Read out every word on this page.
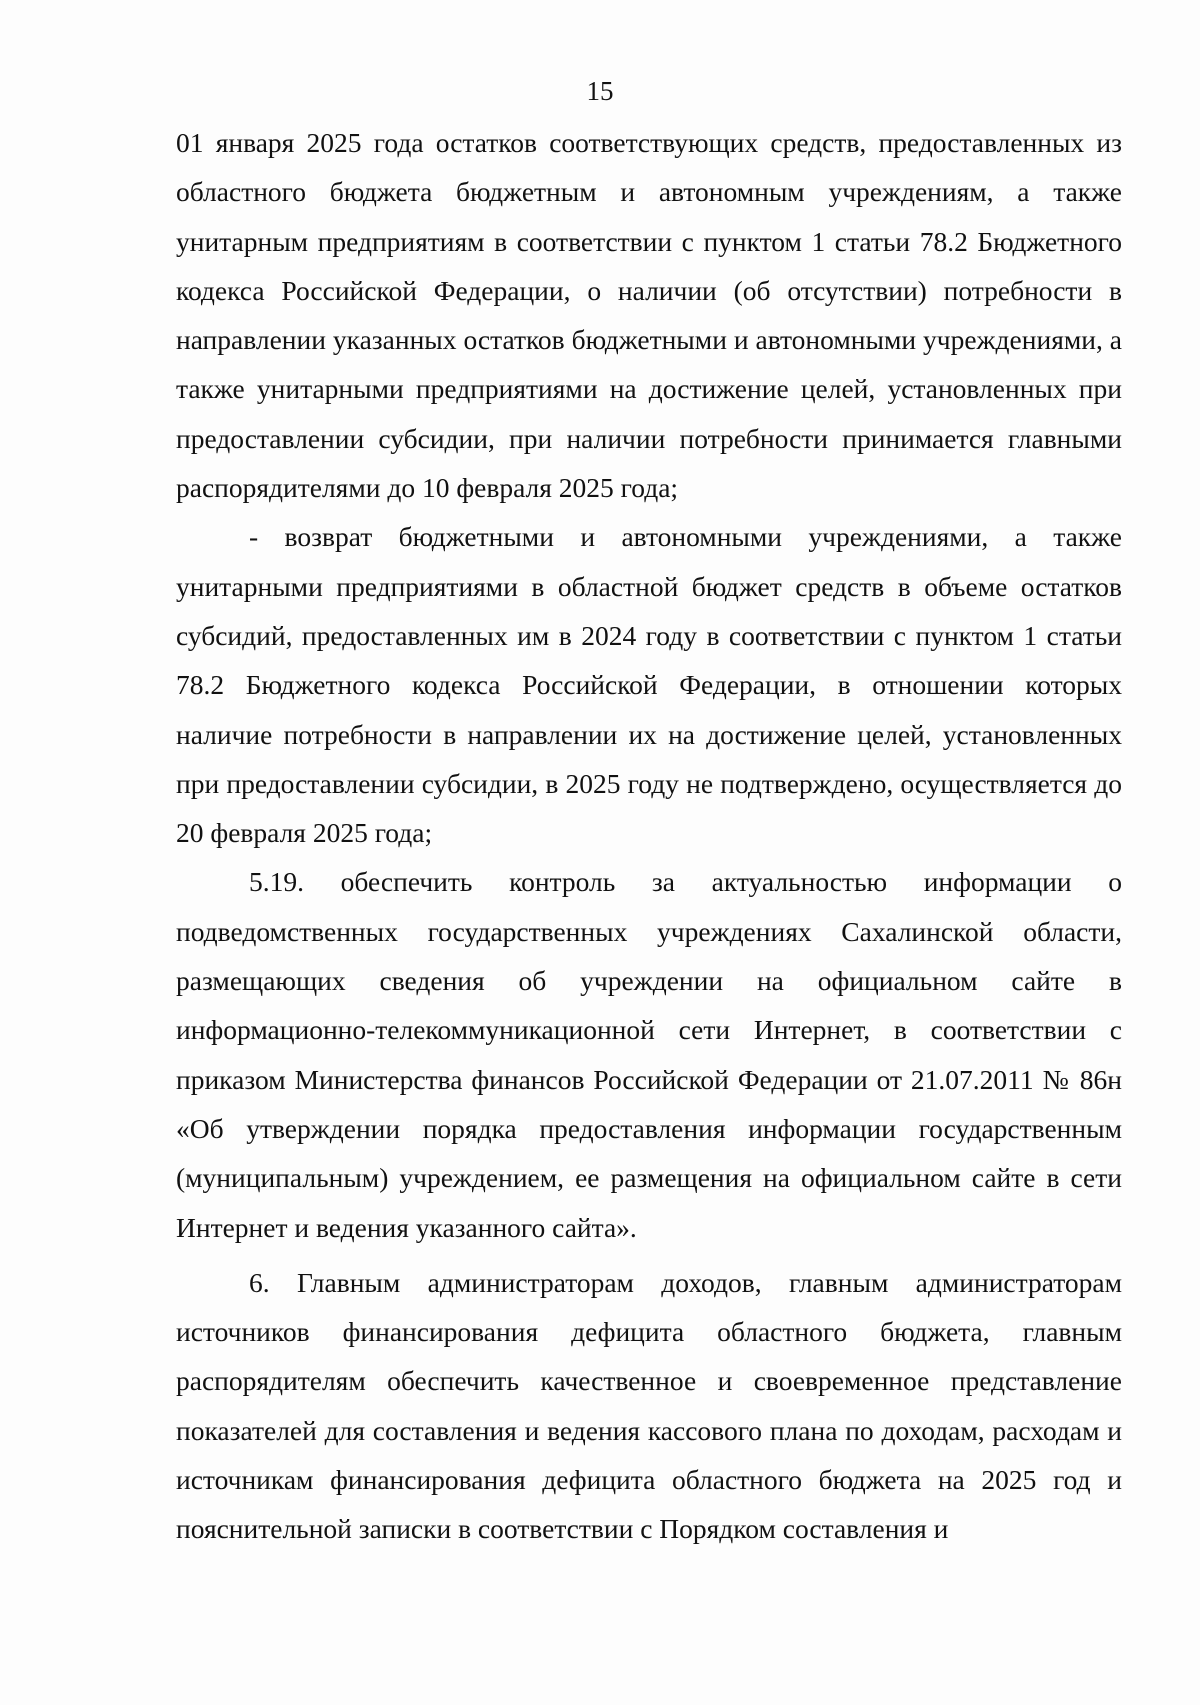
15

01 января 2025 года остатков соответствующих средств, предоставленных из областного бюджета бюджетным и автономным учреждениям, а также унитарным предприятиям в соответствии с пунктом 1 статьи 78.2 Бюджетного кодекса Российской Федерации, о наличии (об отсутствии) потребности в направлении указанных остатков бюджетными и автономными учреждениями, а также унитарными предприятиями на достижение целей, установленных при предоставлении субсидии, при наличии потребности принимается главными распорядителями до 10 февраля 2025 года;

- возврат бюджетными и автономными учреждениями, а также унитарными предприятиями в областной бюджет средств в объеме остатков субсидий, предоставленных им в 2024 году в соответствии с пунктом 1 статьи 78.2 Бюджетного кодекса Российской Федерации, в отношении которых наличие потребности в направлении их на достижение целей, установленных при предоставлении субсидии, в 2025 году не подтверждено, осуществляется до 20 февраля 2025 года;

5.19. обеспечить контроль за актуальностью информации о подведомственных государственных учреждениях Сахалинской области, размещающих сведения об учреждении на официальном сайте в информационно-телекоммуникационной сети Интернет, в соответствии с приказом Министерства финансов Российской Федерации от 21.07.2011 № 86н «Об утверждении порядка предоставления информации государственным (муниципальным) учреждением, ее размещения на официальном сайте в сети Интернет и ведения указанного сайта».

6. Главным администраторам доходов, главным администраторам источников финансирования дефицита областного бюджета, главным распорядителям обеспечить качественное и своевременное представление показателей для составления и ведения кассового плана по доходам, расходам и источникам финансирования дефицита областного бюджета на 2025 год и пояснительной записки в соответствии с Порядком составления и
